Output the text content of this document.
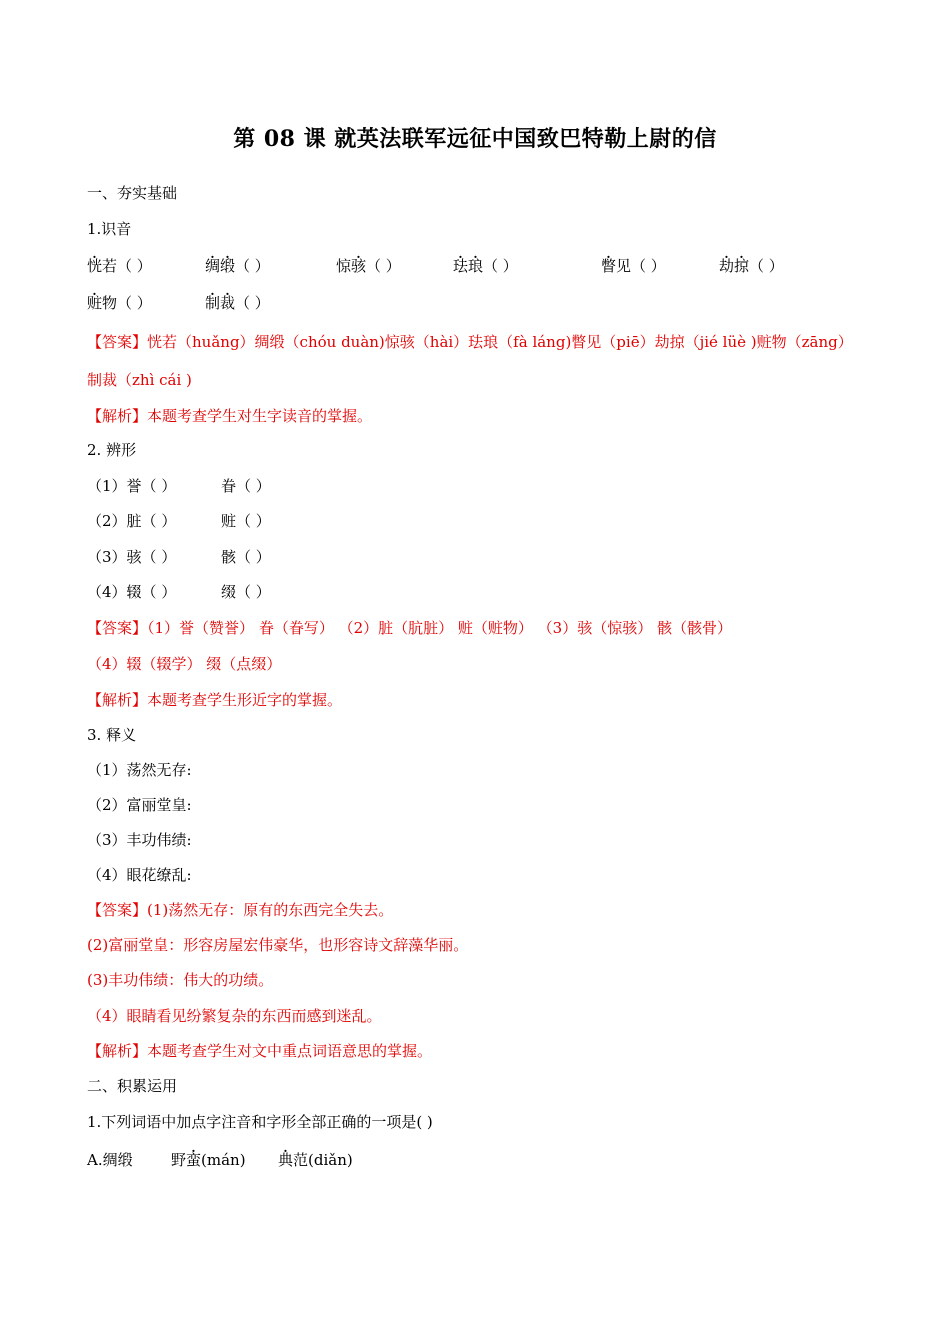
第 08 课 就英法联军远征中国致巴特勒上尉的信
一、夯实基础
1.识音
恍若（ ）	绸缎（ ）	惊骇（ ）	珐琅（ ）	瞥见（ ）	劫掠（ ）
赃物（ ）	制裁（ ）
【答案】恍若（huǎng）绸缎（chóu duàn)惊骇（hài）珐琅（fà láng)瞥见（piē）劫掠（jié lüè )赃物（zāng）
制裁（zhì cái )
【解析】本题考查学生对生字读音的掌握。
2. 辨形
（1）誉（ ）	眷（ ）
（2）脏（ ）	赃（ ）
（3）骇（ ）	骸（ ）
（4）辍（ ）	缀（ ）
【答案】（1）誉（赞誉） 眷（眷写） （2）脏（肮脏） 赃（赃物） （3）骇（惊骇） 骸（骸骨）
（4）辍（辍学） 缀（点缀）
【解析】本题考查学生形近字的掌握。
3. 释义
（1）荡然无存:
（2）富丽堂皇:
（3）丰功伟绩:
（4）眼花缭乱:
【答案】(1)荡然无存：原有的东西完全失去。
(2)富丽堂皇：形容房屋宏伟豪华，也形容诗文辞藻华丽。
(3)丰功伟绩：伟大的功绩。
（4）眼睛看见纷繁复杂的东西而感到迷乱。
【解析】本题考查学生对文中重点词语意思的掌握。
二、积累运用
1.下列词语中加点字注音和字形全部正确的一项是( )
A.绸缎	野蛮(mán) 典范(diǎn)
